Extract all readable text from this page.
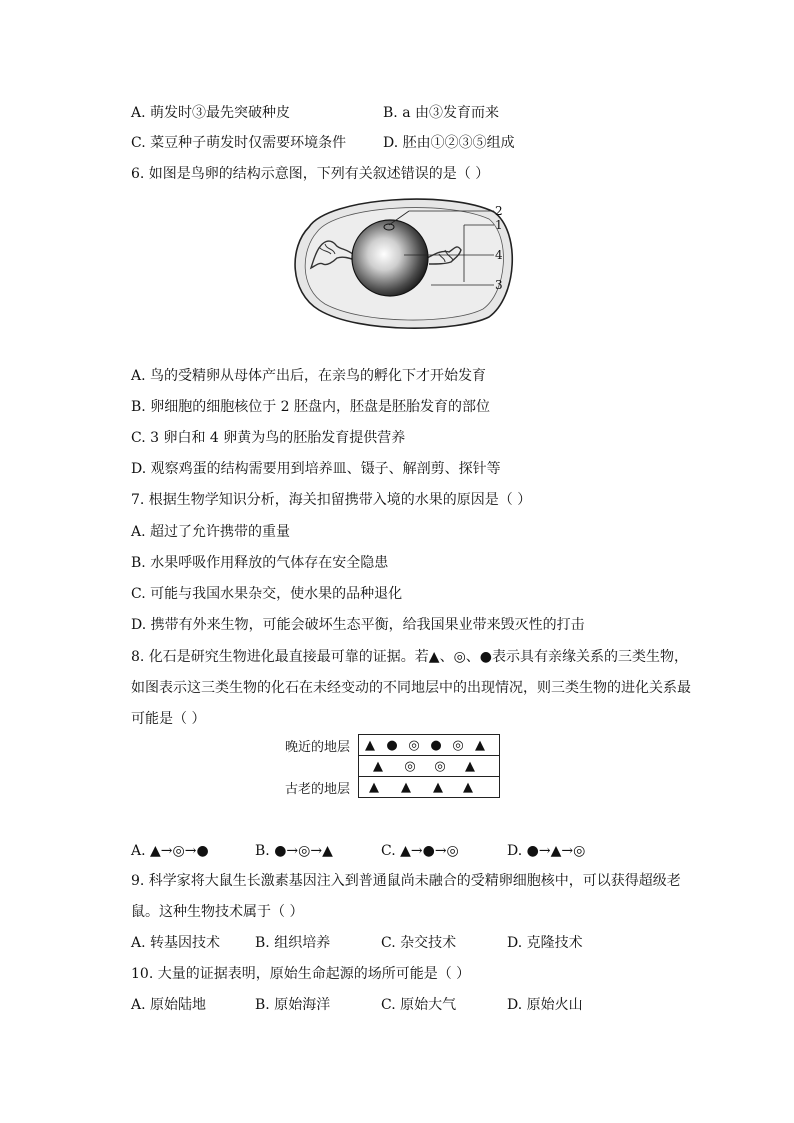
A. 萌发时③最先突破种皮	B. a 由③发育而来
C. 菜豆种子萌发时仅需要环境条件	D. 胚由①②③⑤组成
6. 如图是鸟卵的结构示意图，下列有关叙述错误的是（ ）
2
1
4
3
A. 鸟的受精卵从母体产出后，在亲鸟的孵化下才开始发育
B. 卵细胞的细胞核位于 2 胚盘内，胚盘是胚胎发育的部位
C. 3 卵白和 4 卵黄为鸟的胚胎发育提供营养
D. 观察鸡蛋的结构需要用到培养皿、镊子、解剖剪、探针等
7. 根据生物学知识分析，海关扣留携带入境的水果的原因是（ ）
A. 超过了允许携带的重量
B. 水果呼吸作用释放的气体存在安全隐患
C. 可能与我国水果杂交，使水果的品种退化
D. 携带有外来生物，可能会破坏生态平衡，给我国果业带来毁灭性的打击
8. 化石是研究生物进化最直接最可靠的证据。若▲、◎、●表示具有亲缘关系的三类生物，
如图表示这三类生物的化石在未经变动的不同地层中的出现情况，则三类生物的进化关系最
可能是（ ）
晚近的地层	▲ ● ◎ ● ◎ ▲
	▲ ◎ ◎ ▲
古老的地层	▲ ▲ ▲ ▲
A. ▲→◎→●	B. ●→◎→▲	C. ▲→●→◎	D. ●→▲→◎
9. 科学家将大鼠生长激素基因注入到普通鼠尚未融合的受精卵细胞核中，可以获得超级老
鼠。这种生物技术属于（ ）
A. 转基因技术 B. 组织培养	C. 杂交技术	D. 克隆技术
10. 大量的证据表明，原始生命起源的场所可能是（ ）
A. 原始陆地	B. 原始海洋	C. 原始大气	D. 原始火山
